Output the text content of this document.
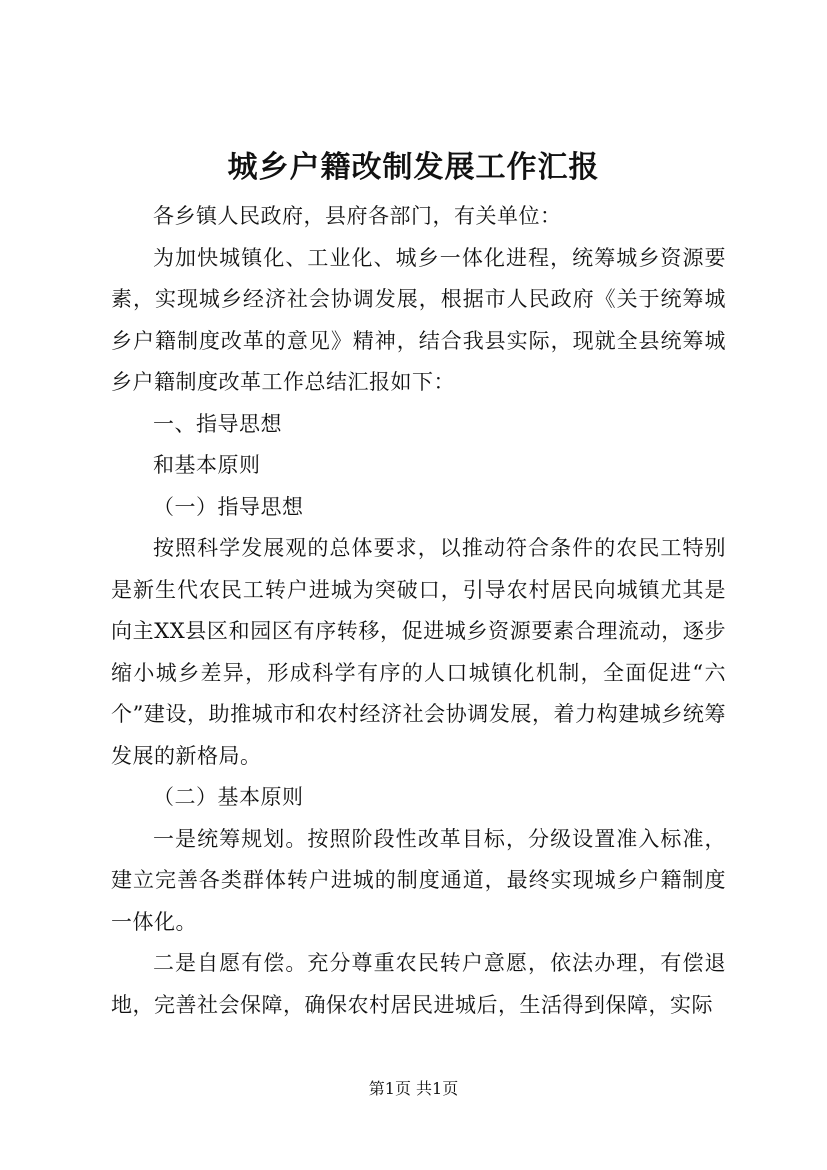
城乡户籍改制发展工作汇报

各乡镇人民政府，县府各部门，有关单位：

为加快城镇化、工业化、城乡一体化进程，统筹城乡资源要素，实现城乡经济社会协调发展，根据市人民政府《关于统筹城乡户籍制度改革的意见》精神，结合我县实际，现就全县统筹城乡户籍制度改革工作总结汇报如下：

一、指导思想

和基本原则

（一）指导思想

按照科学发展观的总体要求，以推动符合条件的农民工特别是新生代农民工转户进城为突破口，引导农村居民向城镇尤其是向主XX县区和园区有序转移，促进城乡资源要素合理流动，逐步缩小城乡差异，形成科学有序的人口城镇化机制，全面促进“六个”建设，助推城市和农村经济社会协调发展，着力构建城乡统筹发展的新格局。

（二）基本原则

一是统筹规划。按照阶段性改革目标，分级设置准入标准，建立完善各类群体转户进城的制度通道，最终实现城乡户籍制度一体化。

二是自愿有偿。充分尊重农民转户意愿，依法办理，有偿退地，完善社会保障，确保农村居民进城后，生活得到保障，实际

第1页 共1页
